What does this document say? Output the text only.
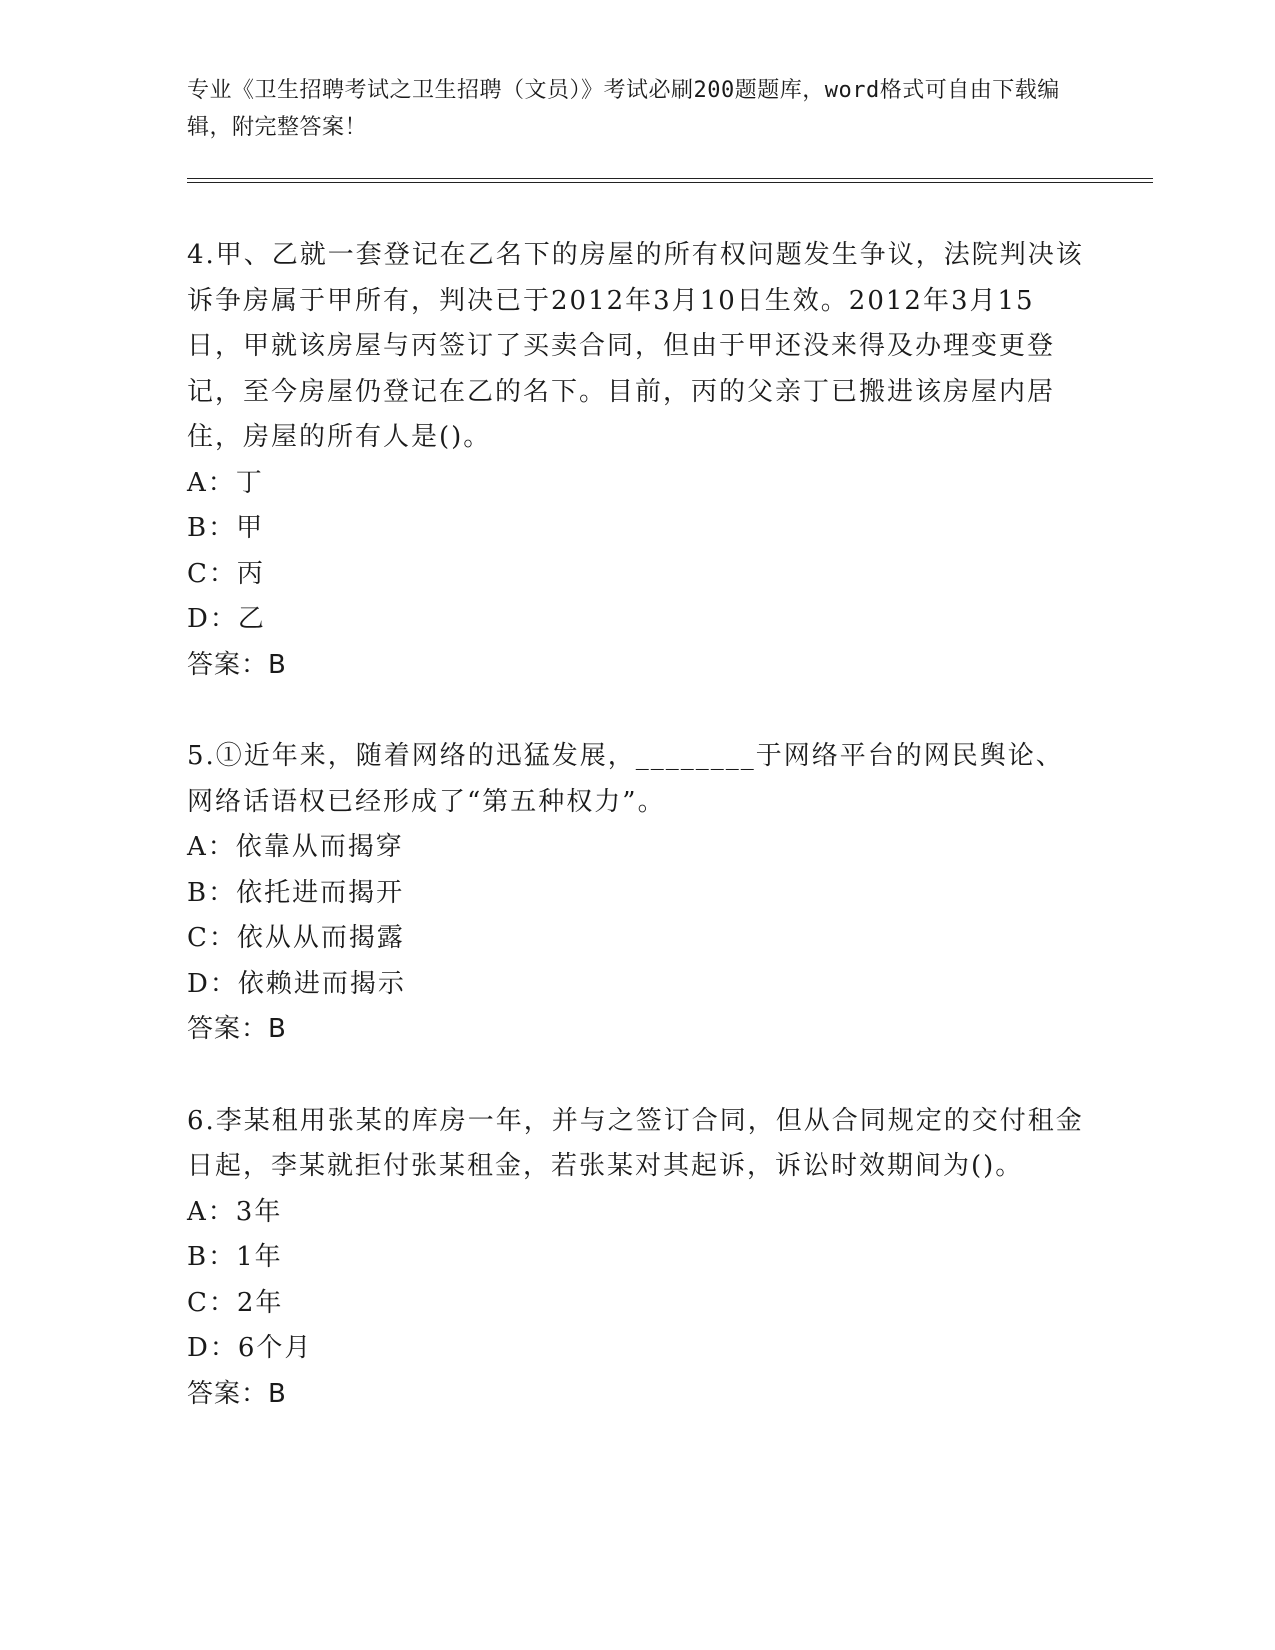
专业《卫生招聘考试之卫生招聘（文员）》考试必刷200题题库，word格式可自由下载编辑，附完整答案！

4.甲、乙就一套登记在乙名下的房屋的所有权问题发生争议，法院判决该诉争房属于甲所有，判决已于2012年3月10日生效。2012年3月15日，甲就该房屋与丙签订了买卖合同，但由于甲还没来得及办理变更登记，至今房屋仍登记在乙的名下。目前，丙的父亲丁已搬进该房屋内居住，房屋的所有人是()。

A：丁
B：甲
C：丙
D：乙

答案：B

5.①近年来，随着网络的迅猛发展，________于网络平台的网民舆论、网络话语权已经形成了“第五种权力”。

A：依靠从而揭穿
B：依托进而揭开
C：依从从而揭露
D：依赖进而揭示

答案：B

6.李某租用张某的库房一年，并与之签订合同，但从合同规定的交付租金日起，李某就拒付张某租金，若张某对其起诉，诉讼时效期间为()。

A：3年
B：1年
C：2年
D：6个月

答案：B
